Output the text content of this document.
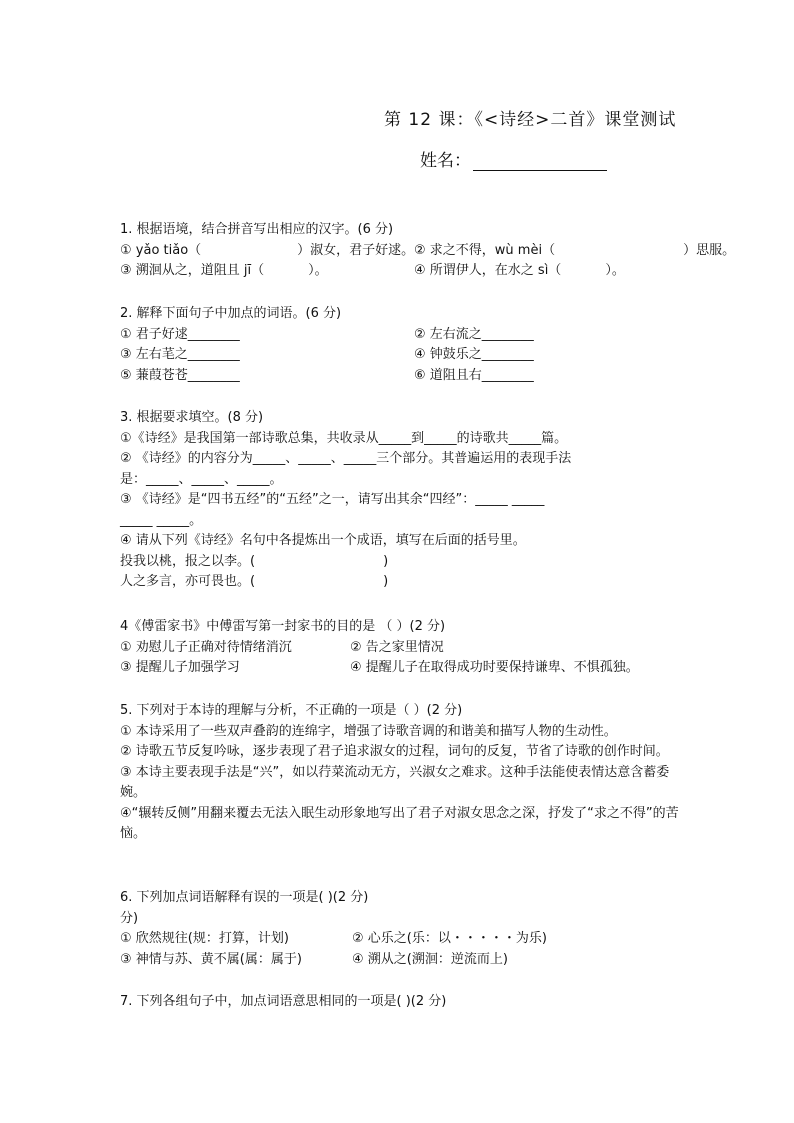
第 12 课：《<诗经>二首》课堂测试
姓名：
1. 根据语境，结合拼音写出相应的汉字。(6 分)
① yǎo tiǎo（	）淑女，君子好逑。 ② 求之不得，wù mèi（	）思服。
③ 溯洄从之，道阻且 jī（	）。	④ 所谓伊人，在水之 sì（	）。
2. 解释下面句子中加点的词语。(6 分)
① 君子好逑________	② 左右流之________
③ 左右芼之________	④ 钟鼓乐之________
⑤ 蒹葭苍苍________	⑥ 道阻且右________
3. 根据要求填空。(8 分)
①《诗经》是我国第一部诗歌总集，共收录从_____到_____的诗歌共_____篇。
② 《诗经》的内容分为_____、_____、_____三个部分。其普遍运用的表现手法
是：_____、_____、_____。
③ 《诗经》是“四书五经”的“五经”之一，请写出其余“四经”：_____ _____
_____ _____。
④ 请从下列《诗经》名句中各提炼出一个成语，填写在后面的括号里。
投我以桃，报之以李。(	)
人之多言，亦可畏也。(	)
4《傅雷家书》中傅雷写第一封家书的目的是 （ ）(2 分)
① 劝慰儿子正确对待情绪消沉	② 告之家里情况
③ 提醒儿子加强学习	④ 提醒儿子在取得成功时要保持谦卑、不惧孤独。
5. 下列对于本诗的理解与分析，不正确的一项是（ ）(2 分)
① 本诗采用了一些双声叠韵的连绵字，增强了诗歌音调的和谐美和描写人物的生动性。
② 诗歌五节反复吟咏，逐步表现了君子追求淑女的过程，词句的反复，节省了诗歌的创作时间。
③ 本诗主要表现手法是“兴”，如以荇菜流动无方，兴淑女之难求。这种手法能使表情达意含蓄委婉。
④“辗转反侧”用翻来覆去无法入眠生动形象地写出了君子对淑女思念之深，抒发了“求之不得”的苦恼。
6. 下列加点词语解释有误的一项是( )(2 分)
分)
① 欣然规往(规：打算，计划)	② 心乐之(乐：以・・・・・为乐)
③ 神情与苏、黄不属(属：属于)	④ 溯从之(溯洄：逆流而上)
7. 下列各组句子中，加点词语意思相同的一项是( )(2 分)
